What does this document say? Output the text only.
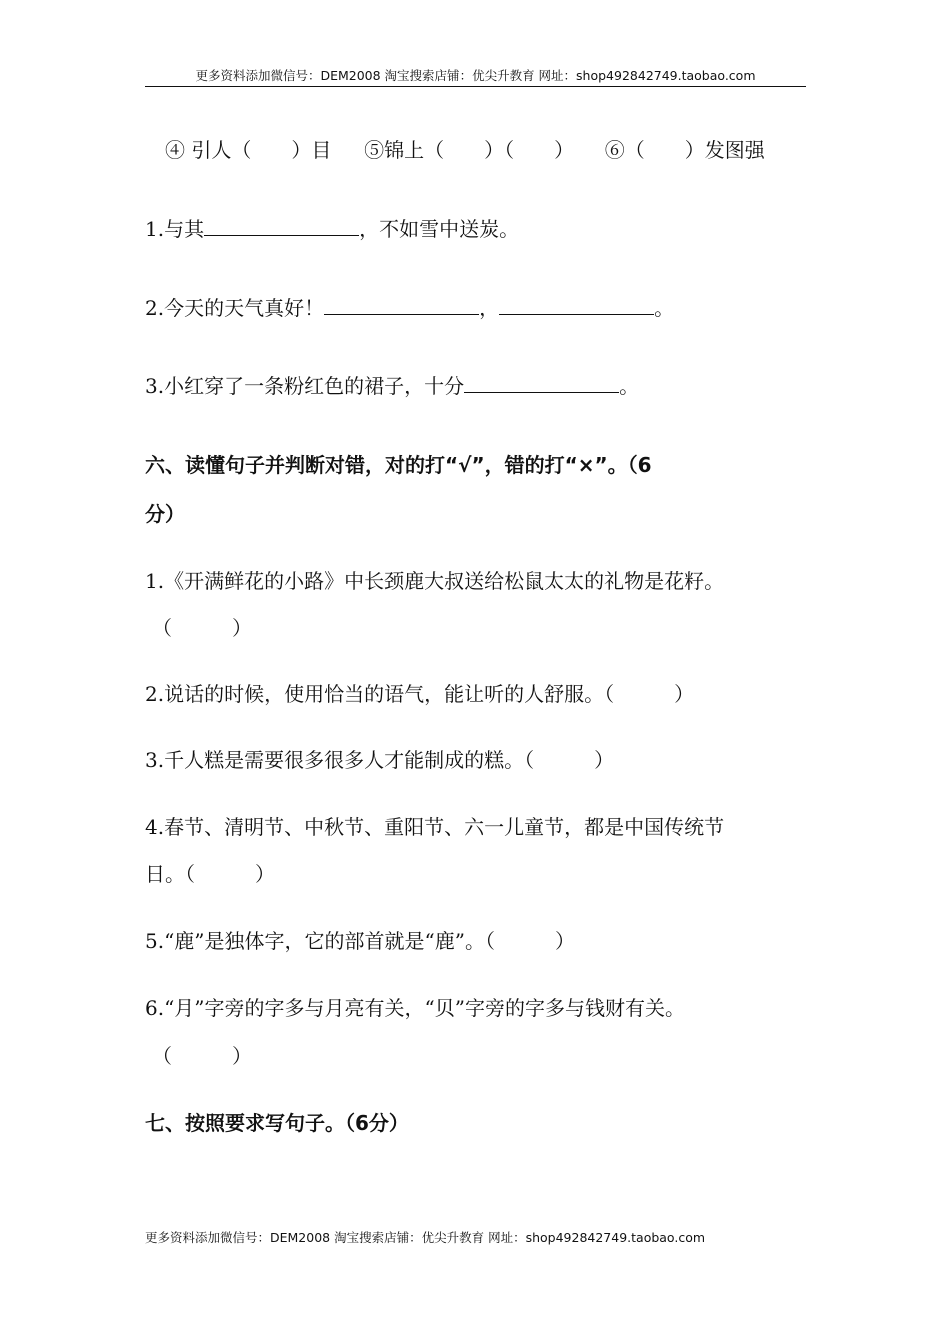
更多资料添加微信号：DEM2008 淘宝搜索店铺：优尖升教育 网址：shop492842749.taobao.com
④ 引人（　　）目 ⑤锦上（　　）（　　） ⑥（　　）发图强
1.与其	，不如雪中送炭。
2.今天的天气真好！	，	。
3.小红穿了一条粉红色的裙子，十分	。
六、读懂句子并判断对错，对的打“√”，错的打“×”。（6
分）
1.《开满鲜花的小路》中长颈鹿大叔送给松鼠太太的礼物是花籽。
（　　　）
2.说话的时候，使用恰当的语气，能让听的人舒服。（　　　）
3.千人糕是需要很多很多人才能制成的糕。（　　　）
4.春节、清明节、中秋节、重阳节、六一儿童节，都是中国传统节
日。（　　　）
5.“鹿”是独体字，它的部首就是“鹿”。（　　　）
6.“月”字旁的字多与月亮有关，“贝”字旁的字多与钱财有关。
（　　　）
七、按照要求写句子。（6分）
更多资料添加微信号：DEM2008 淘宝搜索店铺：优尖升教育 网址：shop492842749.taobao.com
